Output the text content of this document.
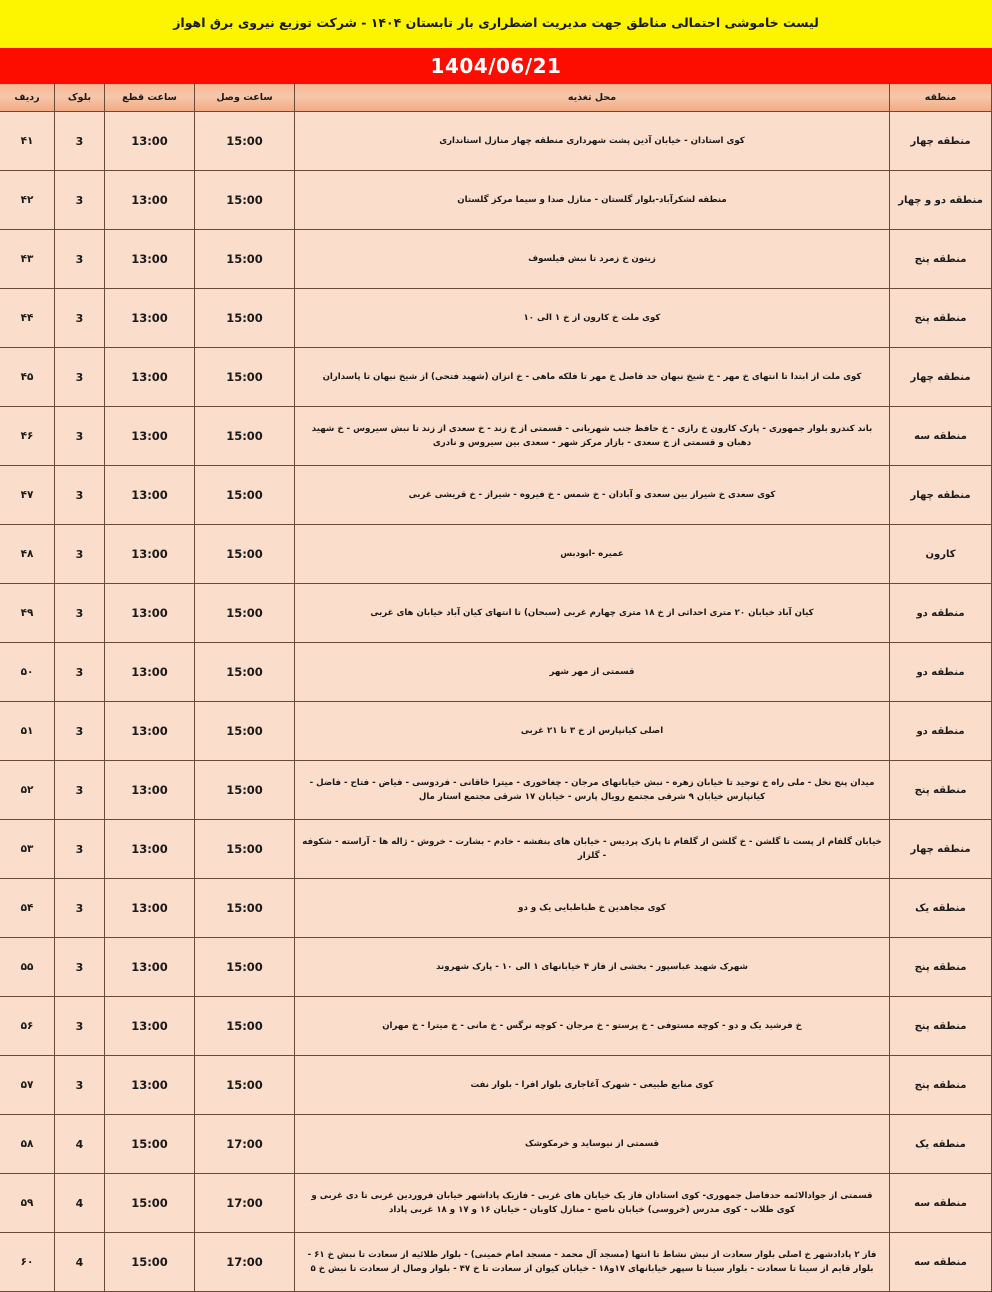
لیست خاموشی احتمالی مناطق جهت مدیریت اضطراری بار تابستان ۱۴۰۴ - شرکت توزیع نیروی برق اهواز
1404/06/21
منطقه	محل تغذیه	ساعت وصل	ساعت قطع	بلوک	ردیف
منطقه چهار	کوی استادان - خیابان آذین پشت شهرداری منطقه چهار منازل استانداری	15:00	13:00	3	۴۱
منطقه دو و چهار	منطقه لشکرآباد-بلوار گلستان - منازل صدا و سیما مرکز گلستان	15:00	13:00	3	۴۲
منطقه پنج	زیتون خ زمرد تا نبش فیلسوف	15:00	13:00	3	۴۳
منطقه پنج	کوی ملت خ کارون از خ ۱ الی ۱۰	15:00	13:00	3	۴۴
منطقه چهار	کوی ملت از ابتدا تا انتهای خ مهر - خ شیخ نبهان حد فاصل خ مهر تا فلکه ماهی - خ انزان (شهید فتحی) از شیخ نبهان تا پاسداران	15:00	13:00	3	۴۵
منطقه سه	باند کندرو بلوار جمهوری - پارک کارون خ رازی - خ حافظ جنب شهربانی - قسمتی از خ زند - خ سعدی از زند تا نبش سیروس - خ شهید دهبان و قسمتی از خ سعدی - بازار مرکز شهر - سعدی بین سیروس و نادری	15:00	13:00	3	۴۶
منطقه چهار	کوی سعدی خ شیراز بین سعدی و آبادان - خ شمس - خ فیروه - شیراز - خ قریشی غربی	15:00	13:00	3	۴۷
کارون	عمیره -ابودبس	15:00	13:00	3	۴۸
منطقه دو	کیان آباد خیابان ۲۰ متری احداثی از خ ۱۸ متری چهارم غربی (سبحان) تا انتهای کیان آباد خیابان های غربی	15:00	13:00	3	۴۹
منطقه دو	قسمتی از مهر شهر	15:00	13:00	3	۵۰
منطقه دو	اصلی کیانپارس از خ ۳ تا ۲۱ غربی	15:00	13:00	3	۵۱
منطقه پنج	میدان پنج نخل - ملی راه خ توحید تا خیابان زهره - نبش خیابانهای مرجان - چغاخوری - میترا خاقانی - فردوسی - فیاض - فتاح - فاضل - کیانپارس خیابان ۹ شرقی مجتمع رویال پارس - خیابان ۱۷ شرقی مجتمع استار مال	15:00	13:00	3	۵۲
منطقه چهار	خیابان گلفام از پست تا گلشن - خ گلشن از گلفام تا پارک پردیس - خیابان های بنفشه - خادم - بشارت - خروش - ژاله ها - آراسته - شکوفه - گلزار	15:00	13:00	3	۵۳
منطقه یک	کوی مجاهدین خ طباطبایی یک و دو	15:00	13:00	3	۵۴
منطقه پنج	شهرک شهید عباسپور - بخشی از فاز ۴ خیابانهای ۱ الی ۱۰ - پارک شهروند	15:00	13:00	3	۵۵
منطقه پنج	خ فرشید یک و دو - کوچه مستوفی - خ پرستو - خ مرجان - کوچه نرگس - خ مانی - خ میترا - خ مهران	15:00	13:00	3	۵۶
منطقه پنج	کوی منابع طبیعی - شهرک آغاجاری بلوار افرا - بلوار نفت	15:00	13:00	3	۵۷
منطقه یک	قسمتی از نیوساید و خرمکوشک	17:00	15:00	4	۵۸
منطقه سه	قسمتی از جوادالائمه حدفاصل جمهوری- کوی استادان فاز یک خیابان های غربی - فازیک پاداشهر خیابان فروردین غربی تا دی غربی و کوی طلاب - کوی مدرس (خروسی) خیابان ناصح - منازل کاوبان - خیابان ۱۶ و ۱۷ و ۱۸ غربی پاداد	17:00	15:00	4	۵۹
منطقه سه	فاز ۲ پادادشهر خ اصلی بلوار سعادت از نبش نشاط تا انتها (مسجد آل محمد - مسجد امام خمینی) - بلوار طلائیه از سعادت تا نبش خ ۶۱ - بلوار قایم از سینا تا سعادت - بلوار سینا تا سپهر خیابانهای ۱۷و۱۸ - خیابان کیوان از سعادت تا خ ۴۷ - بلوار وصال از سعادت تا نبش خ ۵	17:00	15:00	4	۶۰
